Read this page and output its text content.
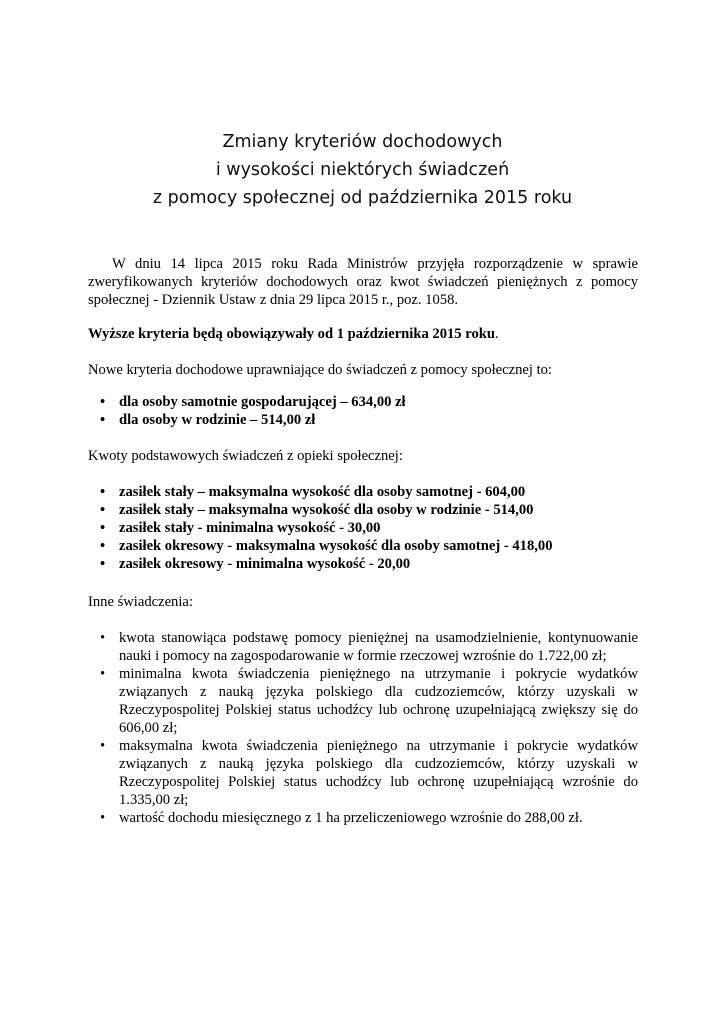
Zmiany kryteriów dochodowych
i wysokości niektórych świadczeń
z pomocy społecznej od października 2015 roku

W dniu 14 lipca 2015 roku Rada Ministrów przyjęła rozporządzenie w sprawie zweryfikowanych kryteriów dochodowych oraz kwot świadczeń pieniężnych z pomocy społecznej - Dziennik Ustaw z dnia 29 lipca 2015 r., poz. 1058.

Wyższe kryteria będą obowiązywały od 1 października 2015 roku.

Nowe kryteria dochodowe uprawniające do świadczeń z pomocy społecznej to:

• dla osoby samotnie gospodarującej – 634,00 zł
• dla osoby w rodzinie – 514,00 zł

Kwoty podstawowych świadczeń z opieki społecznej:

• zasiłek stały – maksymalna wysokość dla osoby samotnej - 604,00
• zasiłek stały – maksymalna wysokość dla osoby w rodzinie - 514,00
• zasiłek stały - minimalna wysokość - 30,00
• zasiłek okresowy - maksymalna wysokość dla osoby samotnej - 418,00
• zasiłek okresowy - minimalna wysokość - 20,00

Inne świadczenia:

• kwota stanowiąca podstawę pomocy pieniężnej na usamodzielnienie, kontynuowanie nauki i pomocy na zagospodarowanie w formie rzeczowej wzrośnie do 1.722,00 zł;
• minimalna kwota świadczenia pieniężnego na utrzymanie i pokrycie wydatków związanych z nauką języka polskiego dla cudzoziemców, którzy uzyskali w Rzeczypospolitej Polskiej status uchodźcy lub ochronę uzupełniającą zwiększy się do 606,00 zł;
• maksymalna kwota świadczenia pieniężnego na utrzymanie i pokrycie wydatków związanych z nauką języka polskiego dla cudzoziemców, którzy uzyskali w Rzeczypospolitej Polskiej status uchodźcy lub ochronę uzupełniającą wzrośnie do 1.335,00 zł;
• wartość dochodu miesięcznego z 1 ha przeliczeniowego wzrośnie do 288,00 zł.
